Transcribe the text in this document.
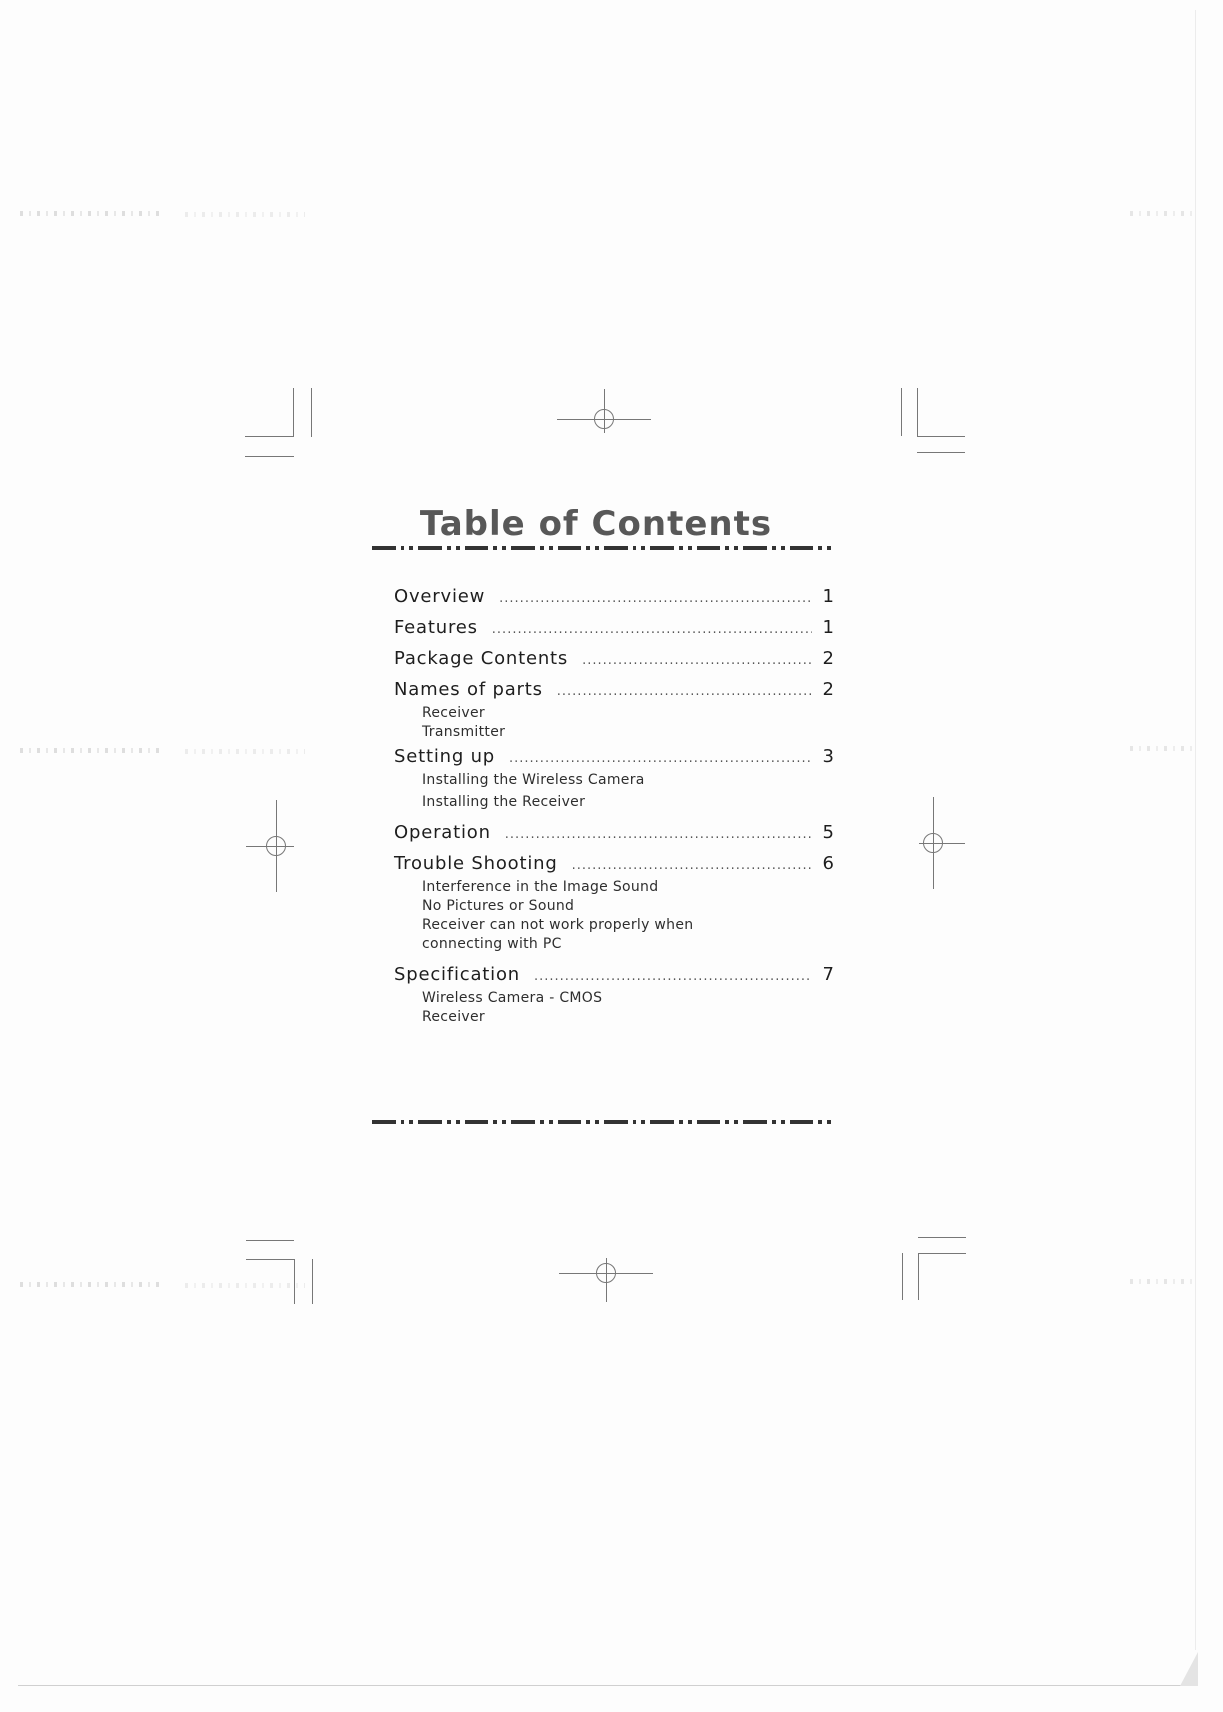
Table of Contents
Overview .....	1
Features .....	1
Package Contents .....	2
Names of parts .....	2
Receiver
Transmitter
Setting up .....	3
Installing the Wireless Camera
Installing the Receiver
Operation .....	5
Trouble Shooting .....	6
Interference in the Image Sound
No Pictures or Sound
Receiver can not work properly when
connecting with PC
Specification .....	7
Wireless Camera - CMOS
Receiver
